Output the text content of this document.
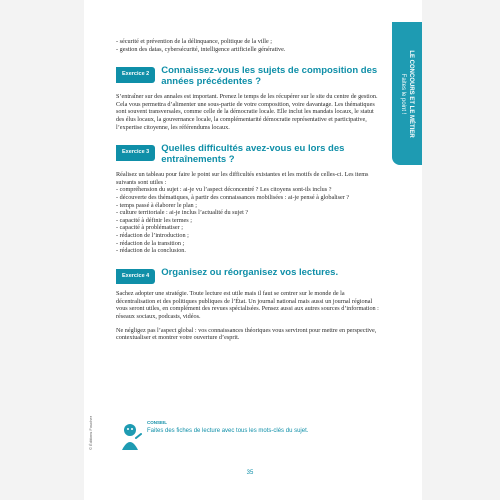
LE CONCOURS ET LE MÉTIER
Faites le point !

- sécurité et prévention de la délinquance, politique de la ville ;

- gestion des datas, cybersécurité, intelligence artificielle générative.

Exercice 2	Connaissez-vous les sujets de composition des années précédentes ?

S’entraîner sur des annales est important. Prenez le temps de les récupérer sur le site du centre de gestion. Cela vous permettra d’alimenter une sous-partie de votre composition, voire davantage. Les thématiques sont souvent transversales, comme celle de la démocratie locale. Elle inclut les mandats locaux, le statut des élus locaux, la gouvernance locale, la complémentarité démocratie représentative et participative, l’expertise citoyenne, les référendums locaux.

Exercice 3	Quelles difficultés avez-vous eu lors des entraînements ?

Réalisez un tableau pour faire le point sur les difficultés existantes et les motifs de celles-ci. Les items suivants sont utiles :

- compréhension du sujet : ai-je vu l’aspect déconcentré ? Les citoyens sont-ils inclus ?
- découverte des thématiques, à partir des connaissances mobilisées : ai-je pensé à globaliser ?
- temps passé à élaborer le plan ;
- culture territoriale : ai-je inclus l’actualité du sujet ?
- capacité à définir les termes ;
- capacité à problématiser ;
- rédaction de l’introduction ;
- rédaction de la transition ;
- rédaction de la conclusion.
Exercice 4	Organisez ou réorganisez vos lectures.

Sachez adopter une stratégie. Toute lecture est utile mais il faut se centrer sur le monde de la décentralisation et des politiques publiques de l’État. Un journal national mais aussi un journal régional vous seront utiles, en complément des revues spécialisées. Pensez aussi aux autres sources d’information : réseaux sociaux, podcasts, vidéos.

Ne négligez pas l’aspect global : vos connaissances théoriques vous serviront pour mettre en perspective, contextualiser et montrer votre ouverture d’esprit.

CONSEIL
Faites des fiches de lecture avec tous les mots-clés du sujet.
© Éditions Foucher
35
